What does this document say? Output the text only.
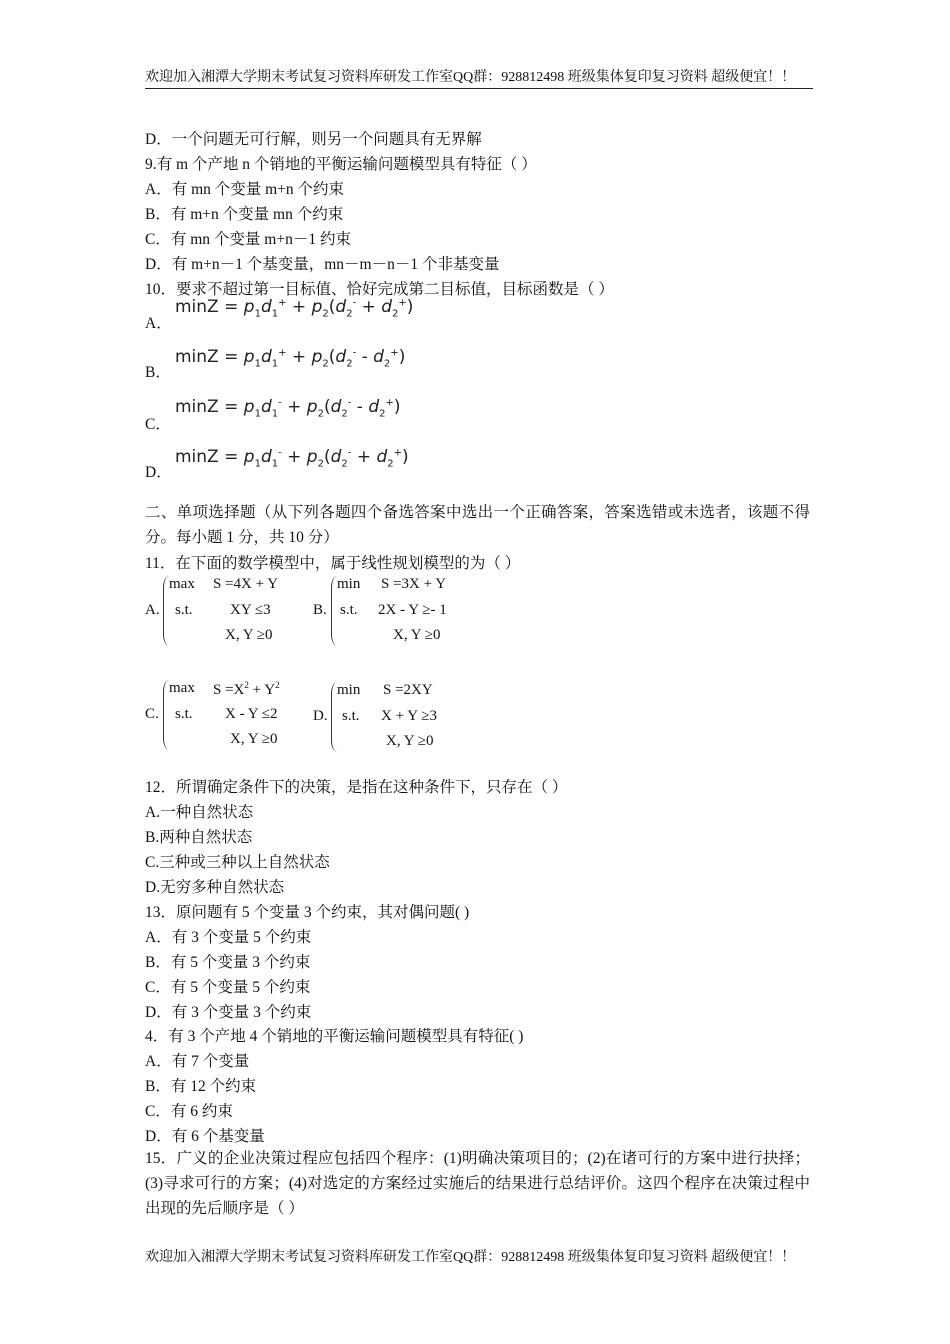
欢迎加入湘潭大学期末考试复习资料库研发工作室QQ群：928812498 班级集体复印复习资料 超级便宜！！
D．一个问题无可行解，则另一个问题具有无界解
9.有 m 个产地 n 个销地的平衡运输问题模型具有特征（ ）
A．有 mn 个变量 m+n 个约束
B．有 m+n 个变量 mn 个约束
C．有 mn 个变量 m+n－1 约束
D．有 m+n－1 个基变量，mn－m－n－1 个非基变量
10．要求不超过第一目标值、恰好完成第二目标值，目标函数是（ ）
A．
$\min Z = p_1d_1^+ + p_2(d_2^- + d_2^+)$
B．
$\min Z = p_1d_1^+ + p_2(d_2^- - d_2^+)$
C．
$\min Z = p_1d_1^- + p_2(d_2^- - d_2^+)$
D．
$\min Z = p_1d_1^- + p_2(d_2^- + d_2^+)$
二、单项选择题（从下列各题四个备选答案中选出一个正确答案，答案选错或未选者，该题不得分。每小题 1 分，共 10 分）
11．在下面的数学模型中，属于线性规划模型的为（ ）
A.
max S =4X + Y
s.t. XY ≤3
X, Y ≥0
B.
min S =3X + Y
s.t. 2X - Y ≥- 1
X, Y ≥0
C.
$\max S =X^2 + Y^2$
s.t. X - Y ≤2
X, Y ≥0
D.
min S =2XY
s.t. X + Y ≥3
X, Y ≥0
12．所谓确定条件下的决策，是指在这种条件下，只存在（ ）
A.一种自然状态
B.两种自然状态
C.三种或三种以上自然状态
D.无穷多种自然状态
13．原问题有 5 个变量 3 个约束，其对偶问题( )
A．有 3 个变量 5 个约束
B．有 5 个变量 3 个约束
C．有 5 个变量 5 个约束
D．有 3 个变量 3 个约束
4．有 3 个产地 4 个销地的平衡运输问题模型具有特征( )
A．有 7 个变量
B．有 12 个约束
C．有 6 约束
D．有 6 个基变量
15．广义的企业决策过程应包括四个程序：(1)明确决策项目的；(2)在诸可行的方案中进行抉择；(3)寻求可行的方案；(4)对选定的方案经过实施后的结果进行总结评价。这四个程序在决策过程中出现的先后顺序是（ ）
欢迎加入湘潭大学期末考试复习资料库研发工作室QQ群：928812498 班级集体复印复习资料 超级便宜！！
